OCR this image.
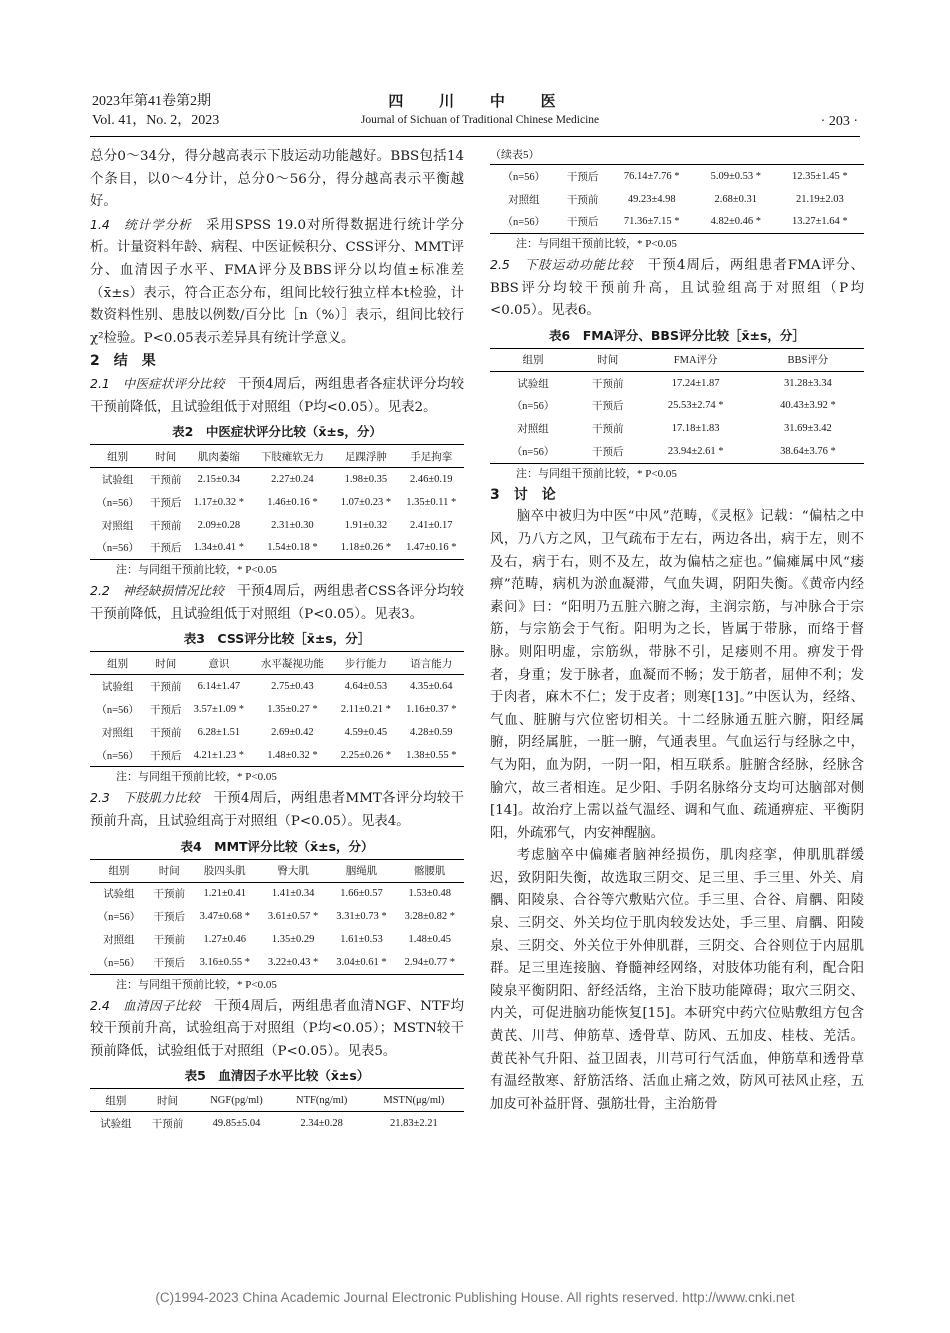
2023年第41卷第2期
Vol. 41，No. 2，2023
四 川 中 医
Journal of Sichuan of Traditional Chinese Medicine	· 203 ·

总分0～34分，得分越高表示下肢运动功能越好。BBS包括14个条目，以0～4分计，总分0～56分，得分越高表示平衡越好。

1.4　统计学分析　采用SPSS 19.0对所得数据进行统计学分析。计量资料年龄、病程、中医证候积分、CSS评分、MMT评分、血清因子水平、FMA评分及BBS评分以均值±标准差（x̄±s）表示，符合正态分布，组间比较行独立样本t检验，计数资料性别、患肢以例数/百分比［n（%）］表示，组间比较行χ²检验。P<0.05表示差异具有统计学意义。

2　结　果

2.1　中医症状评分比较　干预4周后，两组患者各症状评分均较干预前降低，且试验组低于对照组（P均<0.05）。见表2。

表2　中医症状评分比较（x̄±s，分）
组别	时间	肌肉萎缩	下肢瘫软无力	足踝浮肿	手足拘挛
试验组	干预前	2.15±0.34	2.27±0.24	1.98±0.35	2.46±0.19
（n=56）	干预后	1.17±0.32 *	1.46±0.16 *	1.07±0.23 *	1.35±0.11 *
对照组	干预前	2.09±0.28	2.31±0.30	1.91±0.32	2.41±0.17
（n=56）	干预后	1.34±0.41 *	1.54±0.18 *	1.18±0.26 *	1.47±0.16 *
注：与同组干预前比较，* P<0.05

2.2　神经缺损情况比较　干预4周后，两组患者CSS各评分均较干预前降低，且试验组低于对照组（P<0.05）。见表3。

表3　CSS评分比较［x̄±s，分］
组别	时间	意识	水平凝视功能	步行能力	语言能力
试验组	干预前	6.14±1.47	2.75±0.43	4.64±0.53	4.35±0.64
（n=56）	干预后	3.57±1.09 *	1.35±0.27 *	2.11±0.21 *	1.16±0.37 *
对照组	干预前	6.28±1.51	2.69±0.42	4.59±0.45	4.28±0.59
（n=56）	干预后	4.21±1.23 *	1.48±0.32 *	2.25±0.26 *	1.38±0.55 *
注：与同组干预前比较，* P<0.05

2.3　下肢肌力比较　干预4周后，两组患者MMT各评分均较干预前升高，且试验组高于对照组（P<0.05）。见表4。

表4　MMT评分比较（x̄±s，分）
组别	时间	股四头肌	臀大肌	胭绳肌	髂腰肌
试验组	干预前	1.21±0.41	1.41±0.34	1.66±0.57	1.53±0.48
（n=56）	干预后	3.47±0.68 *	3.61±0.57 *	3.31±0.73 *	3.28±0.82 *
对照组	干预前	1.27±0.46	1.35±0.29	1.61±0.53	1.48±0.45
（n=56）	干预后	3.16±0.55 *	3.22±0.43 *	3.04±0.61 *	2.94±0.77 *
注：与同组干预前比较，* P<0.05

2.4　血清因子比较　干预4周后，两组患者血清NGF、NTF均较干预前升高，试验组高于对照组（P均<0.05）；MSTN较干预前降低，试验组低于对照组（P<0.05）。见表5。

表5　血清因子水平比较（x̄±s）
组别	时间	NGF(pg/ml)	NTF(ng/ml)	MSTN(μg/ml)
试验组	干预前	49.85±5.04	2.34±0.28	21.83±2.21
（续表5）
（n=56）	干预后	76.14±7.76 *	5.09±0.53 *	12.35±1.45 *
对照组	干预前	49.23±4.98	2.68±0.31	21.19±2.03
（n=56）	干预后	71.36±7.15 *	4.82±0.46 *	13.27±1.64 *
注：与同组干预前比较，* P<0.05

2.5　下肢运动功能比较　干预4周后，两组患者FMA评分、BBS评分均较干预前升高，且试验组高于对照组（P均<0.05）。见表6。

表6　FMA评分、BBS评分比较［x̄±s，分］
组别	时间	FMA评分	BBS评分
试验组	干预前	17.24±1.87	31.28±3.34
（n=56）	干预后	25.53±2.74 *	40.43±3.92 *
对照组	干预前	17.18±1.83	31.69±3.42
（n=56）	干预后	23.94±2.61 *	38.64±3.76 *
注：与同组干预前比较，* P<0.05
3　讨　论

脑卒中被归为中医“中风”范畴，《灵枢》记载：“偏枯之中风，乃八方之风，卫气疏布于左右，两边各出，病于左，则不及右，病于右，则不及左，故为偏枯之症也。”偏瘫属中风“痿痹”范畴，病机为淤血凝滞，气血失调，阴阳失衡。《黄帝内经素问》曰：“阳明乃五脏六腑之海，主润宗筋，与冲脉合于宗筋，与宗筋会于气衔。阳明为之长，皆属于带脉，而络于督脉。则阳明虚，宗筋纵，带脉不引，足痿则不用。痹发于骨者，身重；发于脉者，血凝而不畅；发于筋者，屈伸不利；发于肉者，麻木不仁；发于皮者；则寒[13]。”中医认为，经络、气血、脏腑与穴位密切相关。十二经脉通五脏六腑，阳经属腑，阴经属脏，一脏一腑，气通表里。气血运行与经脉之中，气为阳，血为阴，一阴一阳，相互联系。脏腑含经脉，经脉含腧穴，故三者相连。足少阳、手阴名脉络分支均可达脑部对侧[14]。故治疗上需以益气温经、调和气血、疏通痹症、平衡阴阳，外疏邪气，内安神醒脑。

考虑脑卒中偏瘫者脑神经损伤，肌肉痉挛，伸肌肌群缓迟，致阴阳失衡，故选取三阴交、足三里、手三里、外关、肩髃、阳陵泉、合谷等穴敷贴穴位。手三里、合谷、肩髃、阳陵泉、三阴交、外关均位于肌肉较发达处，手三里、肩髃、阳陵泉、三阴交、外关位于外伸肌群，三阴交、合谷则位于内屈肌群。足三里连接脑、脊髓神经网络，对肢体功能有利，配合阳陵泉平衡阴阳、舒经活络，主治下肢功能障碍；取穴三阴交、内关，可促进脑功能恢复[15]。本研究中药穴位贴敷组方包含黄芪、川芎、伸筋草、透骨草、防风、五加皮、桂枝、羌活。黄芪补气升阳、益卫固表，川芎可行气活血，伸筋草和透骨草有温经散寒、舒筋活络、活血止痛之效，防风可祛风止痉，五加皮可补益肝肾、强筋壮骨，主治筋骨

(C)1994-2023 China Academic Journal Electronic Publishing House. All rights reserved. http://www.cnki.net
